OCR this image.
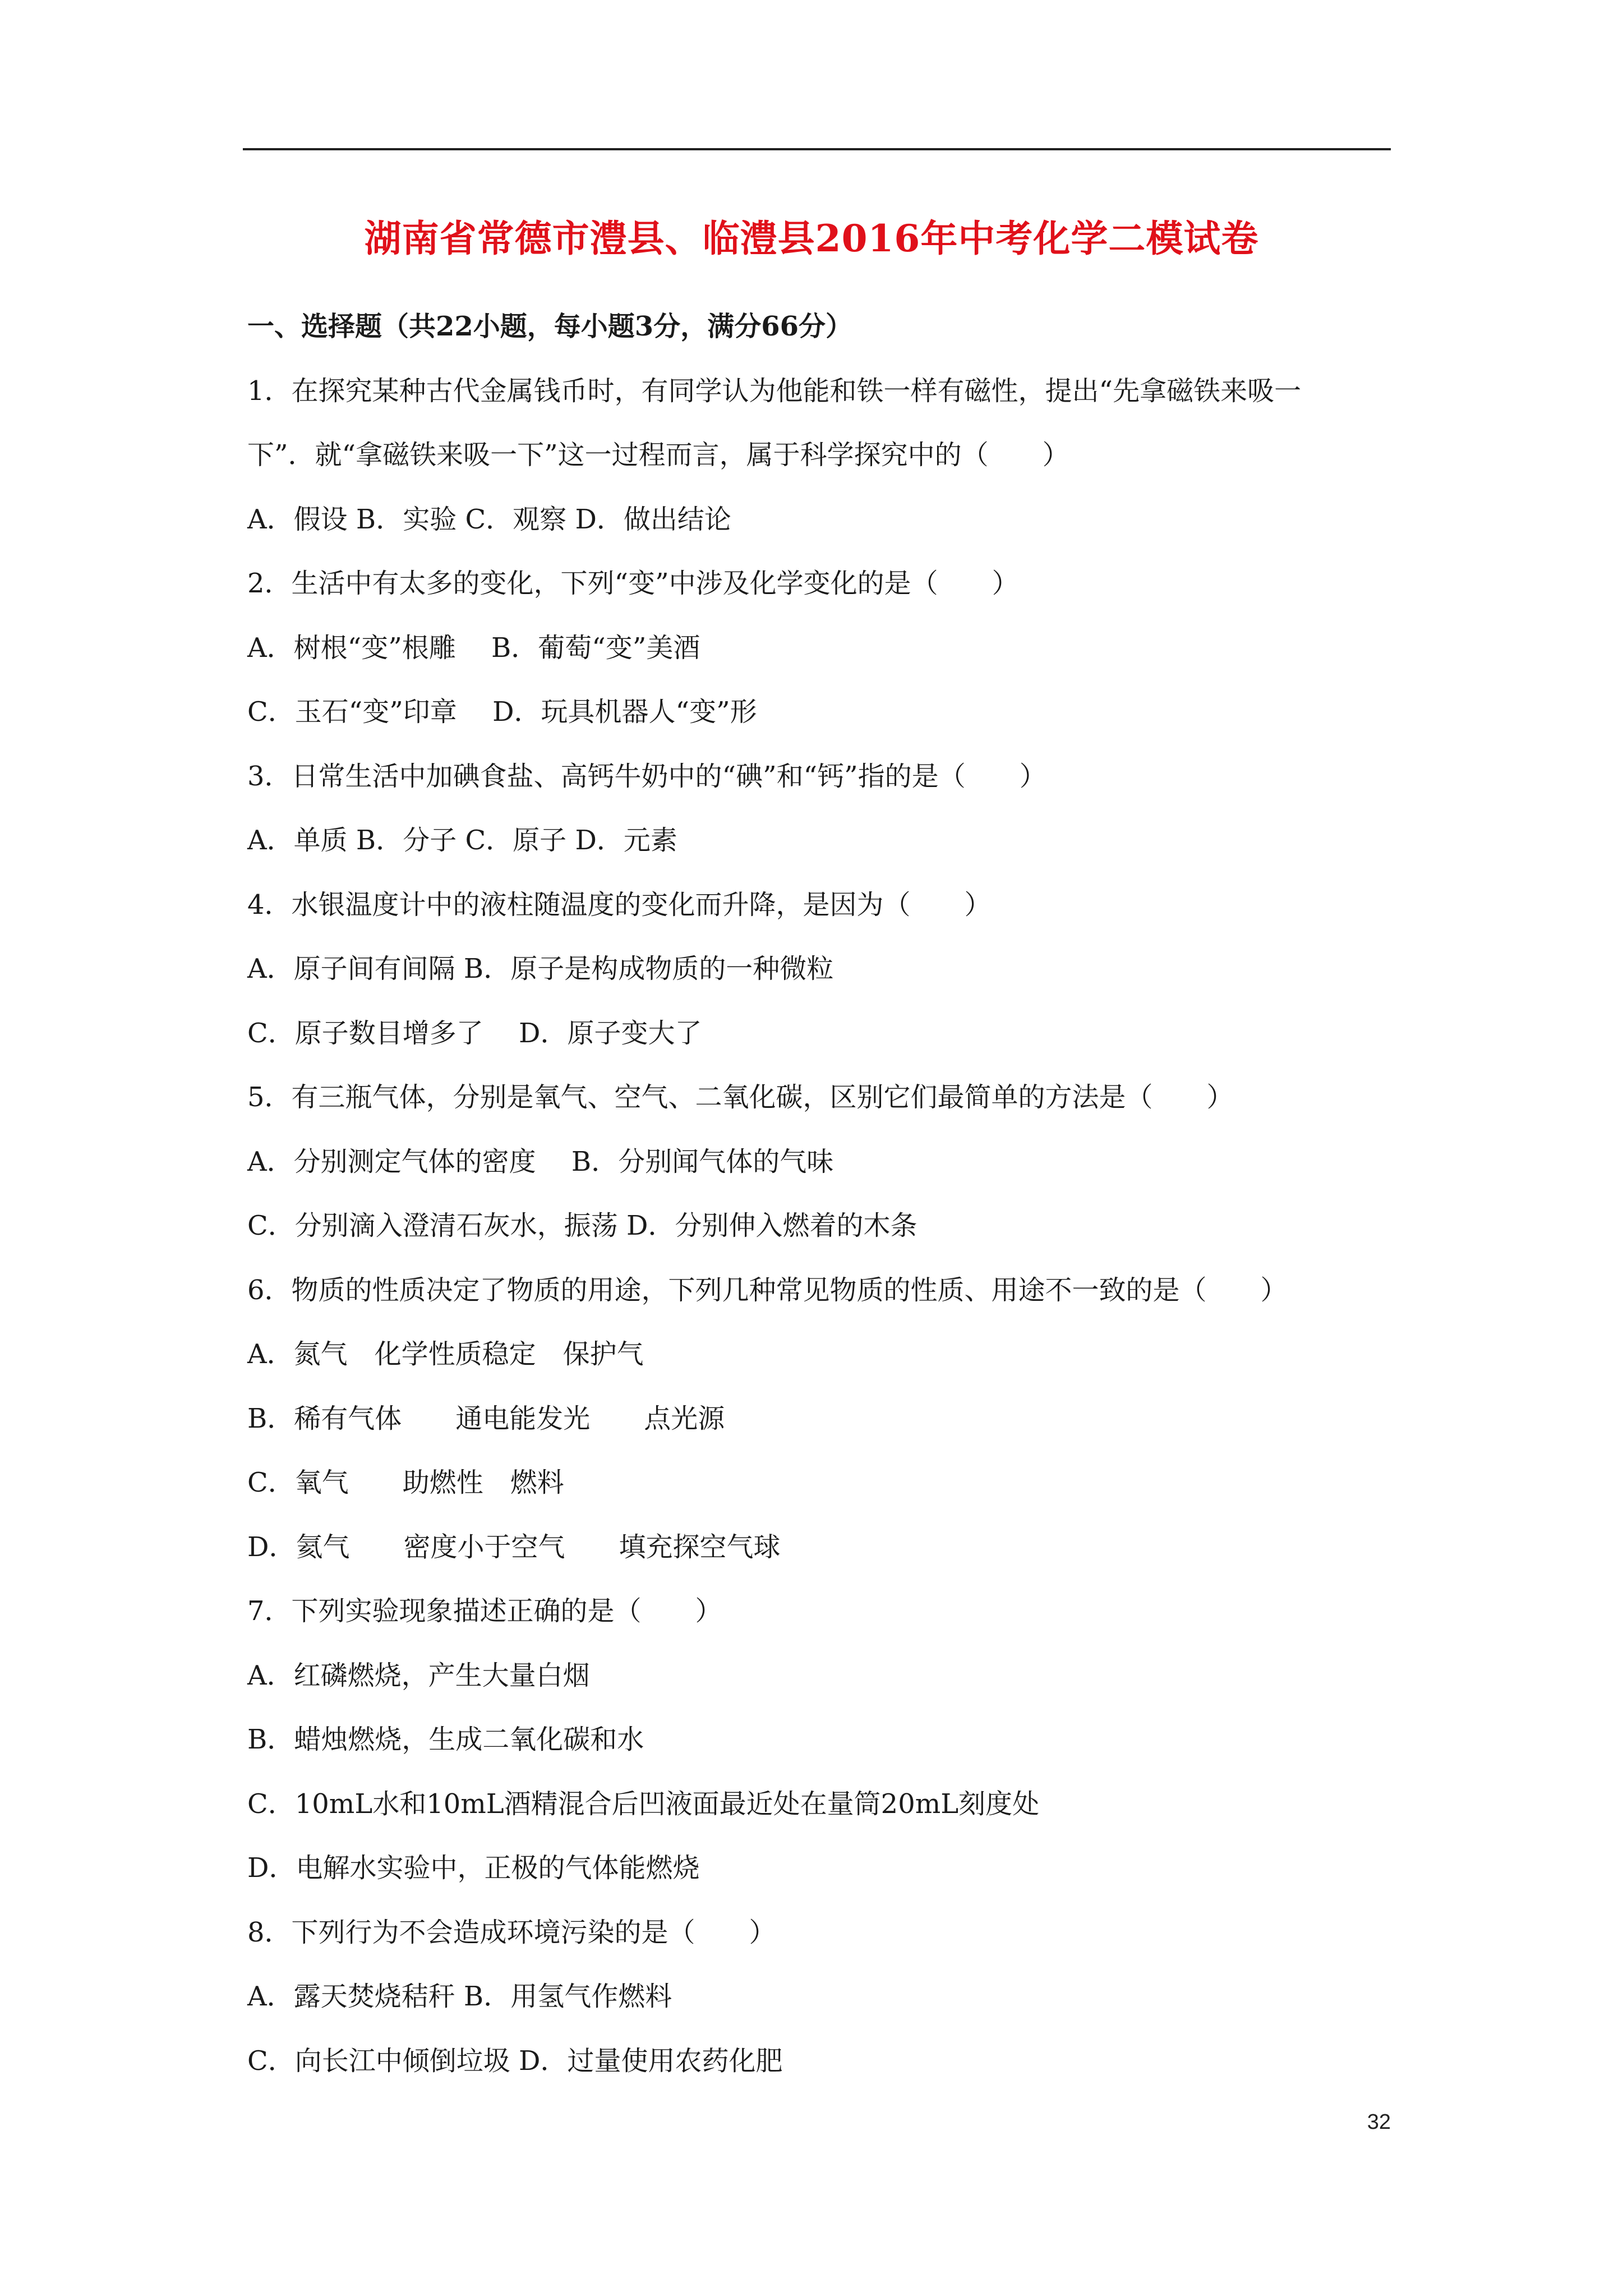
湖南省常德市澧县、临澧县2016年中考化学二模试卷
一、选择题（共22小题，每小题3分，满分66分）
1．在探究某种古代金属钱币时，有同学认为他能和铁一样有磁性，提出“先拿磁铁来吸一
下”．就“拿磁铁来吸一下”这一过程而言，属于科学探究中的（　　）
A．假设 B．实验 C．观察 D．做出结论
2．生活中有太多的变化，下列“变”中涉及化学变化的是（　　）
A．树根“变”根雕　 B．葡萄“变”美酒
C．玉石“变”印章　 D．玩具机器人“变”形
3．日常生活中加碘食盐、高钙牛奶中的“碘”和“钙”指的是（　　）
A．单质 B．分子 C．原子 D．元素
4．水银温度计中的液柱随温度的变化而升降，是因为（　　）
A．原子间有间隔 B．原子是构成物质的一种微粒
C．原子数目增多了　 D．原子变大了
5．有三瓶气体，分别是氧气、空气、二氧化碳，区别它们最简单的方法是（　　）
A．分别测定气体的密度　 B．分别闻气体的气味
C．分别滴入澄清石灰水，振荡 D．分别伸入燃着的木条
6．物质的性质决定了物质的用途，下列几种常见物质的性质、用途不一致的是（　　）
A．氮气　化学性质稳定　保护气
B．稀有气体　　通电能发光　　点光源
C．氧气　　助燃性　燃料
D．氦气　　密度小于空气　　填充探空气球
7．下列实验现象描述正确的是（　　）
A．红磷燃烧，产生大量白烟
B．蜡烛燃烧，生成二氧化碳和水
C．10mL水和10mL酒精混合后凹液面最近处在量筒20mL刻度处
D．电解水实验中，正极的气体能燃烧
8．下列行为不会造成环境污染的是（　　）
A．露天焚烧秸秆 B．用氢气作燃料
C．向长江中倾倒垃圾 D．过量使用农药化肥
32
